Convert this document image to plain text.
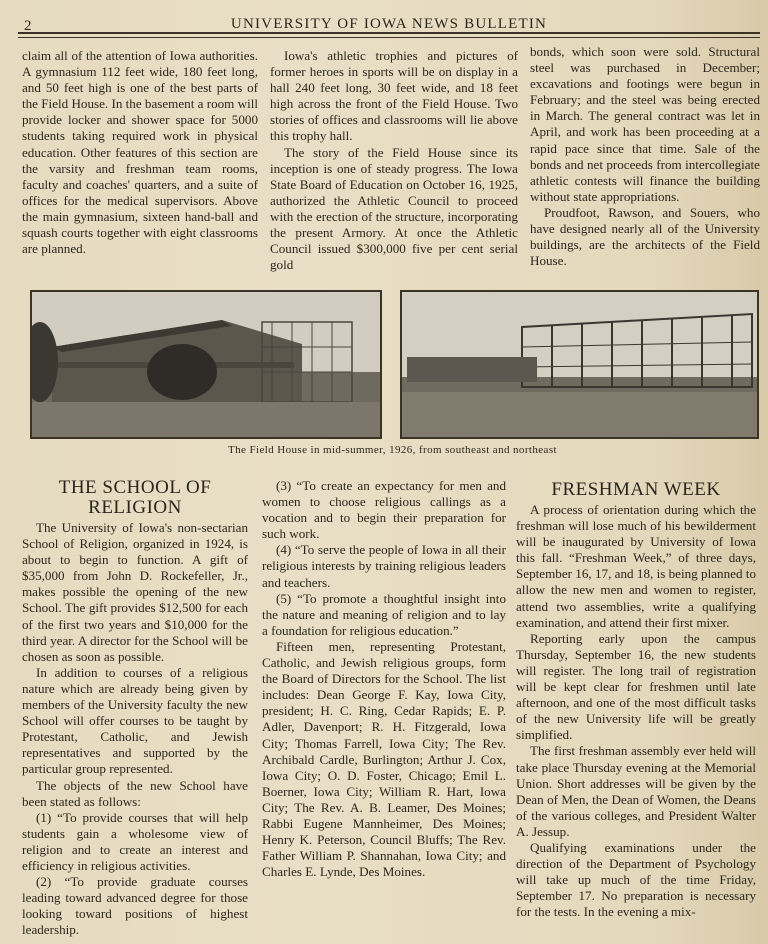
2	UNIVERSITY OF IOWA NEWS BULLETIN

claim all of the attention of Iowa authorities. A gymnasium 112 feet wide, 180 feet long, and 50 feet high is one of the best parts of the Field House. In the basement a room will provide locker and shower space for 5000 students taking required work in physical education. Other features of this section are the varsity and freshman team rooms, faculty and coaches' quarters, and a suite of offices for the medical supervisors. Above the main gymnasium, sixteen hand-ball and squash courts together with eight classrooms are planned.

Iowa's athletic trophies and pictures of former heroes in sports will be on display in a hall 240 feet long, 30 feet wide, and 18 feet high across the front of the Field House. Two stories of offices and classrooms will lie above this trophy hall.

The story of the Field House since its inception is one of steady progress. The Iowa State Board of Education on October 16, 1925, authorized the Athletic Council to proceed with the erection of the structure, incorporating the present Armory. At once the Athletic Council issued $300,000 five per cent serial gold

bonds, which soon were sold. Structural steel was purchased in December; excavations and footings were begun in February; and the steel was being erected in March. The general contract was let in April, and work has been proceeding at a rapid pace since that time. Sale of the bonds and net proceeds from intercollegiate athletic contests will finance the building without state appropriations.

Proudfoot, Rawson, and Souers, who have designed nearly all of the University buildings, are the architects of the Field House.

The Field House in mid-summer, 1926, from southeast and northeast
THE SCHOOL OF RELIGION

The University of Iowa's non-sectarian School of Religion, organized in 1924, is about to begin to function. A gift of $35,000 from John D. Rockefeller, Jr., makes possible the opening of the new School. The gift provides $12,500 for each of the first two years and $10,000 for the third year. A director for the School will be chosen as soon as possible.

In addition to courses of a religious nature which are already being given by members of the University faculty the new School will offer courses to be taught by Protestant, Catholic, and Jewish representatives and supported by the particular group represented.

The objects of the new School have been stated as follows:

(1) “To provide courses that will help students gain a wholesome view of religion and to create an interest and efficiency in religious activities.

(2) “To provide graduate courses leading toward advanced degree for those looking toward positions of highest leadership.

(3) “To create an expectancy for men and women to choose religious callings as a vocation and to begin their preparation for such work.

(4) “To serve the people of Iowa in all their religious interests by training religious leaders and teachers.

(5) “To promote a thoughtful insight into the nature and meaning of religion and to lay a foundation for religious education.”

Fifteen men, representing Protestant, Catholic, and Jewish religious groups, form the Board of Directors for the School. The list includes: Dean George F. Kay, Iowa City, president; H. C. Ring, Cedar Rapids; E. P. Adler, Davenport; R. H. Fitzgerald, Iowa City; Thomas Farrell, Iowa City; The Rev. Archibald Cardle, Burlington; Arthur J. Cox, Iowa City; O. D. Foster, Chicago; Emil L. Boerner, Iowa City; William R. Hart, Iowa City; The Rev. A. B. Leamer, Des Moines; Rabbi Eugene Mannheimer, Des Moines; Henry K. Peterson, Council Bluffs; The Rev. Father William P. Shannahan, Iowa City; and Charles E. Lynde, Des Moines.

FRESHMAN WEEK

A process of orientation during which the freshman will lose much of his bewilderment will be inaugurated by University of Iowa this fall. “Freshman Week,” of three days, September 16, 17, and 18, is being planned to allow the new men and women to register, attend two assemblies, write a qualifying examination, and attend their first mixer.

Reporting early upon the campus Thursday, September 16, the new students will register. The long trail of registration will be kept clear for freshmen until late afternoon, and one of the most difficult tasks of the new University life will be greatly simplified.

The first freshman assembly ever held will take place Thursday evening at the Memorial Union. Short addresses will be given by the Dean of Men, the Dean of Women, the Deans of the various colleges, and President Walter A. Jessup.

Qualifying examinations under the direction of the Department of Psychology will take up much of the time Friday, September 17. No preparation is necessary for the tests. In the evening a mix-
